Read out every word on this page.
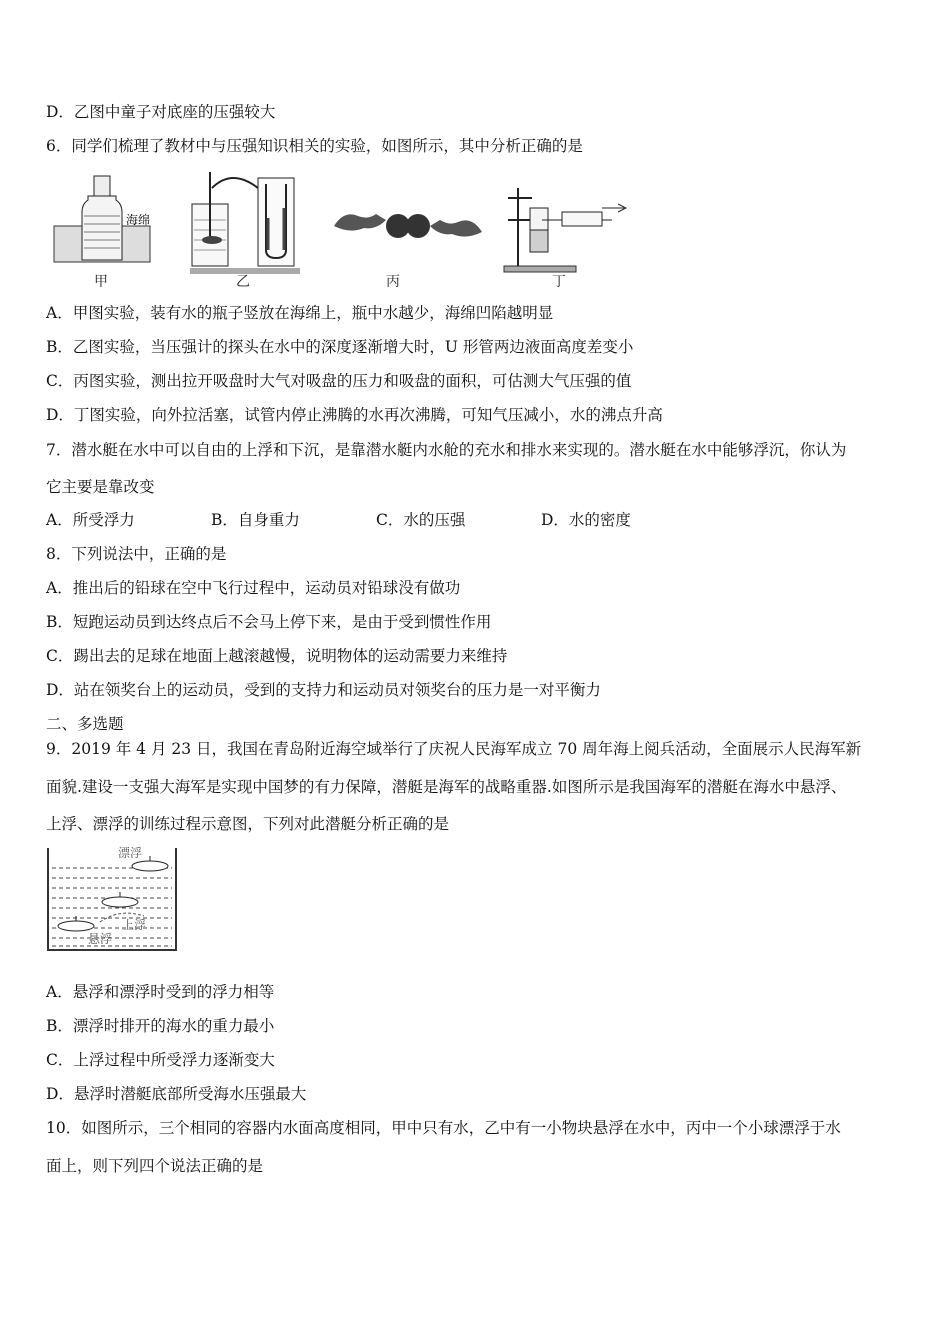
D．乙图中童子对底座的压强较大
6．同学们梳理了教材中与压强知识相关的实验，如图所示，其中分析正确的是
海绵
甲	乙	丙	丁
A．甲图实验，装有水的瓶子竖放在海绵上，瓶中水越少，海绵凹陷越明显
B．乙图实验，当压强计的探头在水中的深度逐渐增大时，U 形管两边液面高度差变小
C．丙图实验，测出拉开吸盘时大气对吸盘的压力和吸盘的面积，可估测大气压强的值
D．丁图实验，向外拉活塞，试管内停止沸腾的水再次沸腾，可知气压减小，水的沸点升高
7．潜水艇在水中可以自由的上浮和下沉，是靠潜水艇内水舱的充水和排水来实现的。潜水艇在水中能够浮沉，你认为
它主要是靠改变
A．所受浮力	B．自身重力	C．水的压强	D．水的密度
8．下列说法中，正确的是
A．推出后的铅球在空中飞行过程中，运动员对铅球没有做功
B．短跑运动员到达终点后不会马上停下来，是由于受到惯性作用
C．踢出去的足球在地面上越滚越慢，说明物体的运动需要力来维持
D．站在领奖台上的运动员，受到的支持力和运动员对领奖台的压力是一对平衡力
二、多选题
9．2019 年 4 月 23 日，我国在青岛附近海空域举行了庆祝人民海军成立 70 周年海上阅兵活动，全面展示人民海军新
面貌.建设一支强大海军是实现中国梦的有力保障，潜艇是海军的战略重器.如图所示是我国海军的潜艇在海水中悬浮、
上浮、漂浮的训练过程示意图，下列对此潜艇分析正确的是
漂浮
上浮
悬浮
A．悬浮和漂浮时受到的浮力相等
B．漂浮时排开的海水的重力最小
C．上浮过程中所受浮力逐渐变大
D．悬浮时潜艇底部所受海水压强最大
10．如图所示，三个相同的容器内水面高度相同，甲中只有水，乙中有一小物块悬浮在水中，丙中一个小球漂浮于水
面上，则下列四个说法正确的是
